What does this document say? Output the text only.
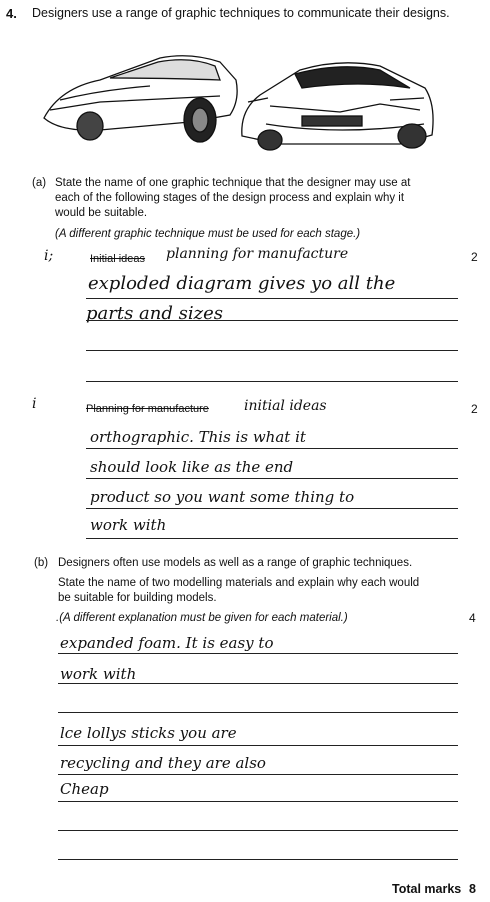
4. Designers use a range of graphic techniques to communicate their designs.
(a) State the name of one graphic technique that the designer may use at
each of the following stages of the design process and explain why it
would be suitable.
(A different graphic technique must be used for each stage.)
i;	Initial ideas planning for manufacture	2
exploded diagram gives yo all the
parts and sizes
i	Planning for manufacture	initial ideas	2
orthographic. This is what it
should look like as the end
product so you want some thing to
work with
(b) Designers often use models as well as a range of graphic techniques.
State the name of two modelling materials and explain why each would
be suitable for building models.
.(A different explanation must be given for each material.)	4
expanded foam. It is easy to
work with
lce lollys sticks you are
recycling and they are also
Cheap
Total marks 8
